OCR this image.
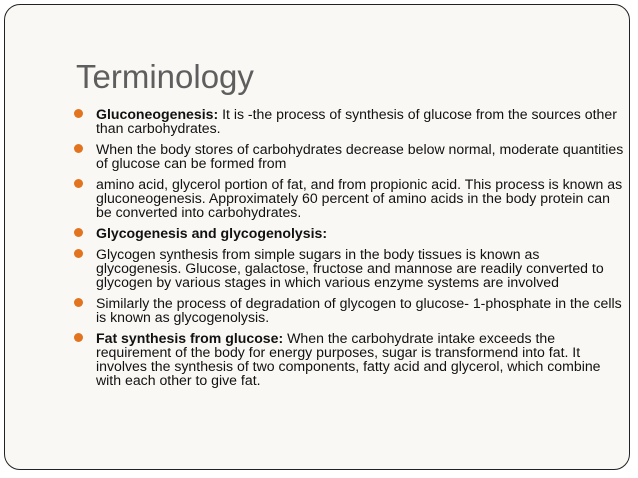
Terminology
Gluconeogenesis: It is -the process of synthesis of glucose from the sources other than carbohydrates.
When the body stores of carbohydrates decrease below normal, moderate quantities of glucose can be formed from
amino acid, glycerol portion of fat, and from propionic acid. This process is known as gluconeogenesis. Approximately 60 percent of amino acids in the body protein can be converted into carbohydrates.
Glycogenesis and glycogenolysis:
Glycogen synthesis from simple sugars in the body tissues is known as glycogenesis. Glucose, galactose, fructose and mannose are readily converted to glycogen by various stages in which various enzyme systems are involved
Similarly the process of degradation of glycogen to glucose- 1-phosphate in the cells is known as glycogenolysis.
Fat synthesis from glucose: When the carbohydrate intake exceeds the requirement of the body for energy purposes, sugar is transformend into fat. It involves the synthesis of two components, fatty acid and glycerol, which combine with each other to give fat.
